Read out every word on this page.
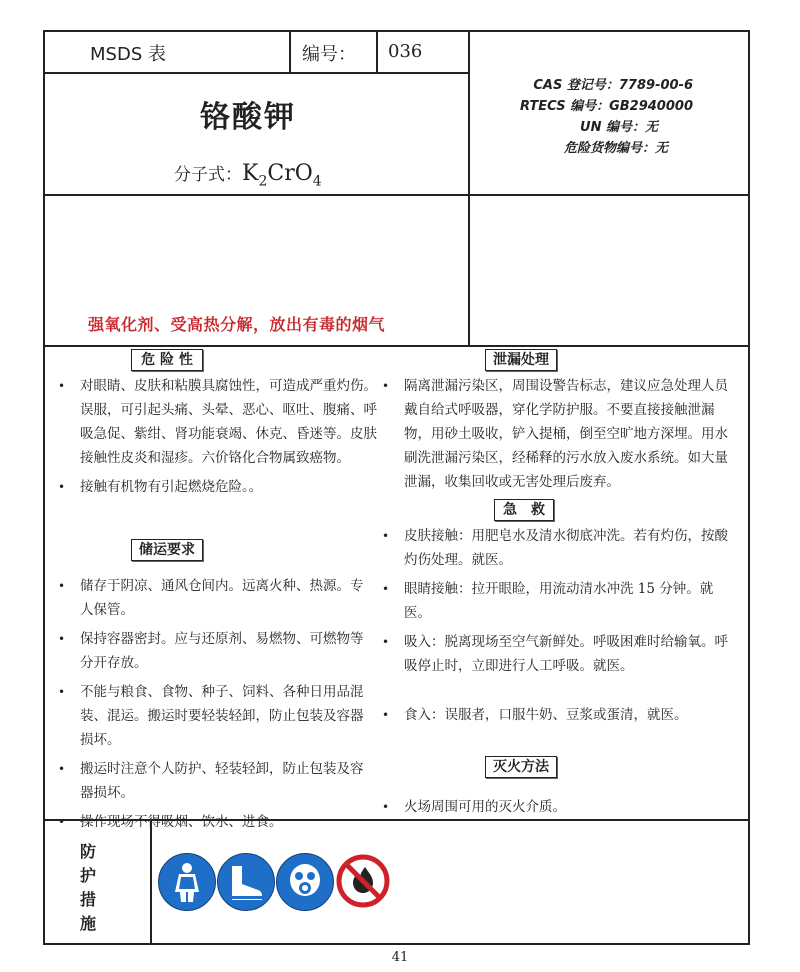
MSDS 表	编号： 036
铬酸钾
分子式：$K_2CrO_4$
CAS 登记号：7789-00-6
RTECS 编号：GB2940000
UN 编号：无
危险货物编号：无
强氧化剂、受高热分解，放出有毒的烟气
危 险 性
• 对眼睛、皮肤和粘膜具腐蚀性，可造成严重灼伤。误服，可引起头痛、头晕、恶心、呕吐、腹痛、呼吸急促、紫绀、肾功能衰竭、休克、昏迷等。皮肤接触性皮炎和湿疹。六价铬化合物属致癌物。
• 接触有机物有引起燃烧危险。。
储运要求
• 储存于阴凉、通风仓间内。远离火种、热源。专人保管。
• 保持容器密封。应与还原剂、易燃物、可燃物等分开存放。
• 不能与粮食、食物、种子、饲料、各种日用品混装、混运。搬运时要轻装轻卸，防止包装及容器损坏。
• 搬运时注意个人防护、轻装轻卸，防止包装及容器损坏。
• 操作现场不得吸烟、饮水、进食。
泄漏处理
• 隔离泄漏污染区，周围设警告标志，建议应急处理人员戴自给式呼吸器，穿化学防护服。不要直接接触泄漏物，用砂土吸收，铲入提桶，倒至空旷地方深埋。用水刷洗泄漏污染区，经稀释的污水放入废水系统。如大量泄漏，收集回收或无害处理后废弃。
急　救
• 皮肤接触：用肥皂水及清水彻底冲洗。若有灼伤，按酸灼伤处理。就医。
• 眼睛接触：拉开眼睑，用流动清水冲洗 15 分钟。就医。
• 吸入：脱离现场至空气新鲜处。呼吸困难时给输氧。呼吸停止时，立即进行人工呼吸。就医。
• 食入：误服者，口服牛奶、豆浆或蛋清，就医。
灭火方法
• 火场周围可用的灭火介质。
防
护
措
施
41
